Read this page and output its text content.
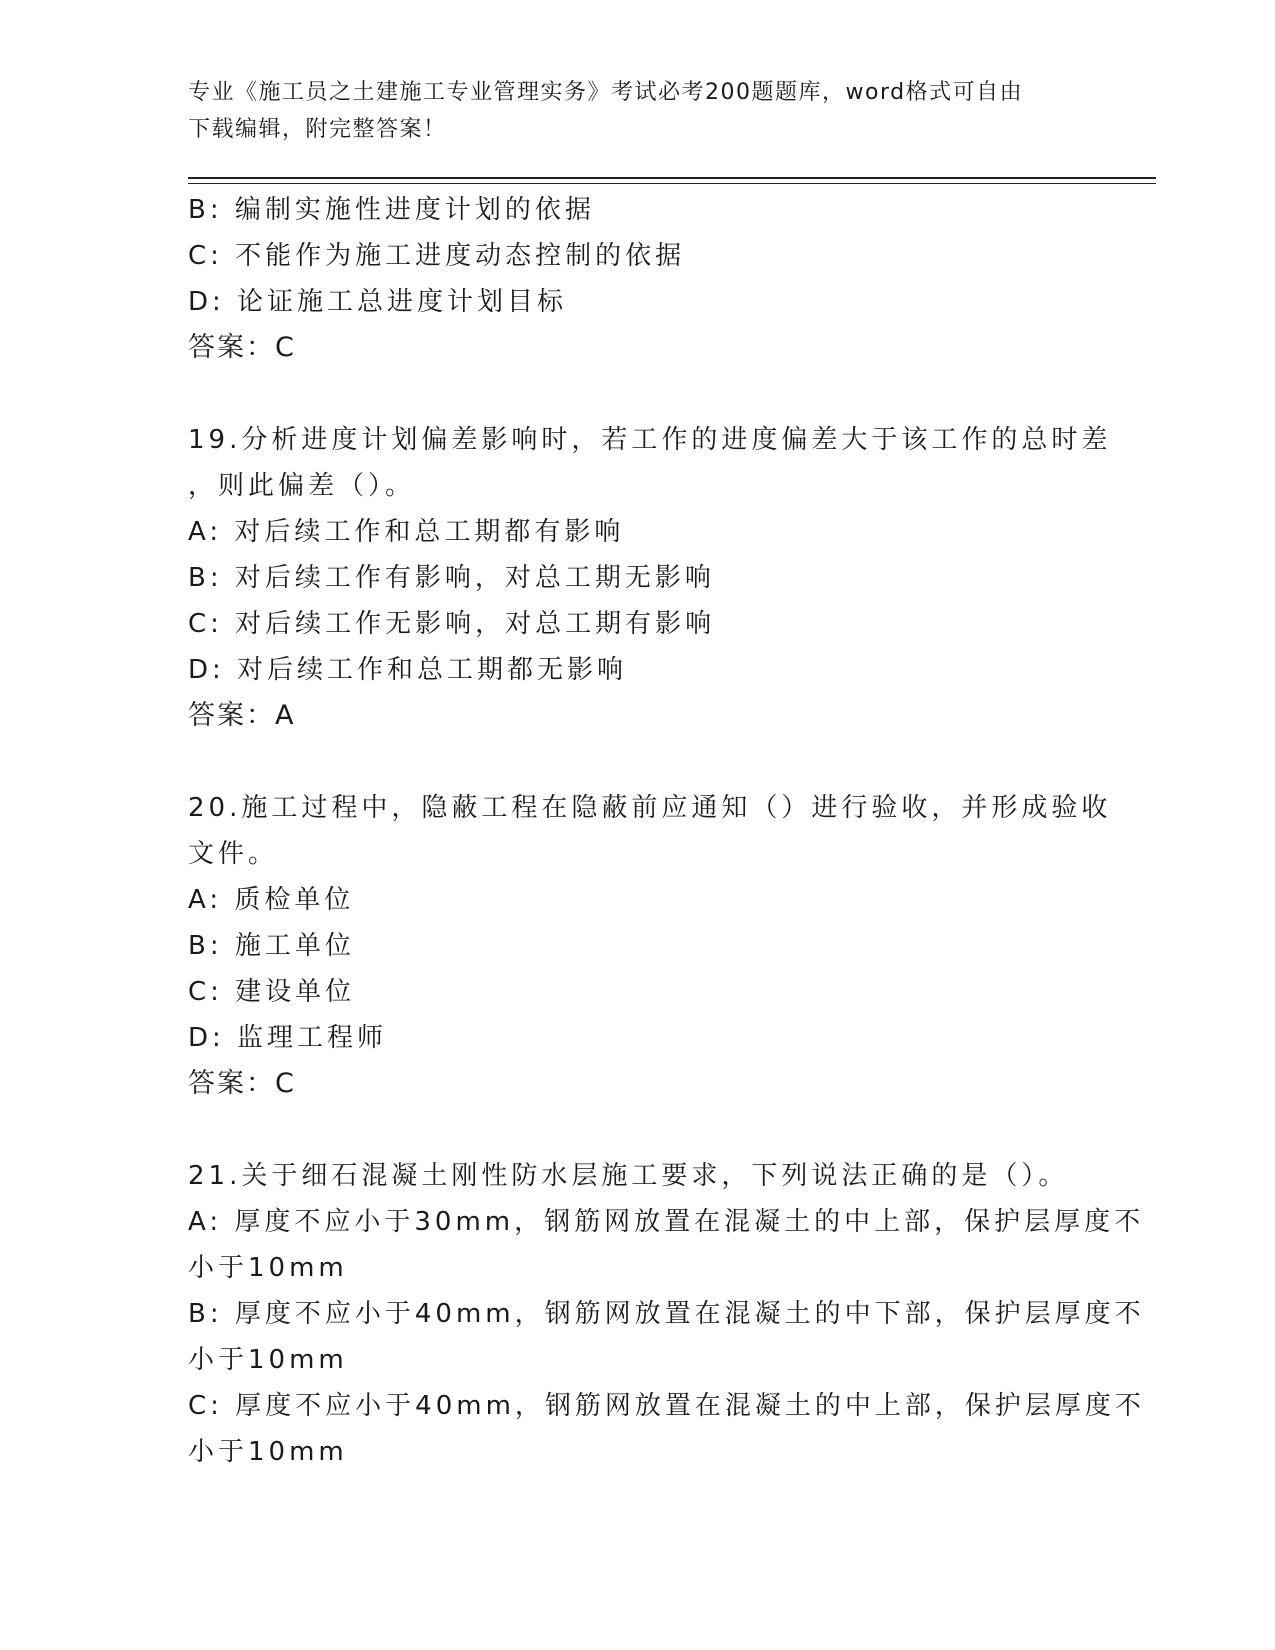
专业《施工员之土建施工专业管理实务》考试必考200题题库，word格式可自由

下载编辑，附完整答案！

B: 编制实施性进度计划的依据

C: 不能作为施工进度动态控制的依据

D: 论证施工总进度计划目标

答案：C

19.分析进度计划偏差影响时，若工作的进度偏差大于该工作的总时差

，则此偏差（）。

A: 对后续工作和总工期都有影响

B: 对后续工作有影响，对总工期无影响

C: 对后续工作无影响，对总工期有影响

D: 对后续工作和总工期都无影响

答案：A

20.施工过程中，隐蔽工程在隐蔽前应通知（）进行验收，并形成验收

文件。

A: 质检单位

B: 施工单位

C: 建设单位

D: 监理工程师

答案：C

21.关于细石混凝土刚性防水层施工要求，下列说法正确的是（）。

A: 厚度不应小于30mm，钢筋网放置在混凝土的中上部，保护层厚度不

小于10mm

B: 厚度不应小于40mm，钢筋网放置在混凝土的中下部，保护层厚度不

小于10mm

C: 厚度不应小于40mm，钢筋网放置在混凝土的中上部，保护层厚度不

小于10mm
